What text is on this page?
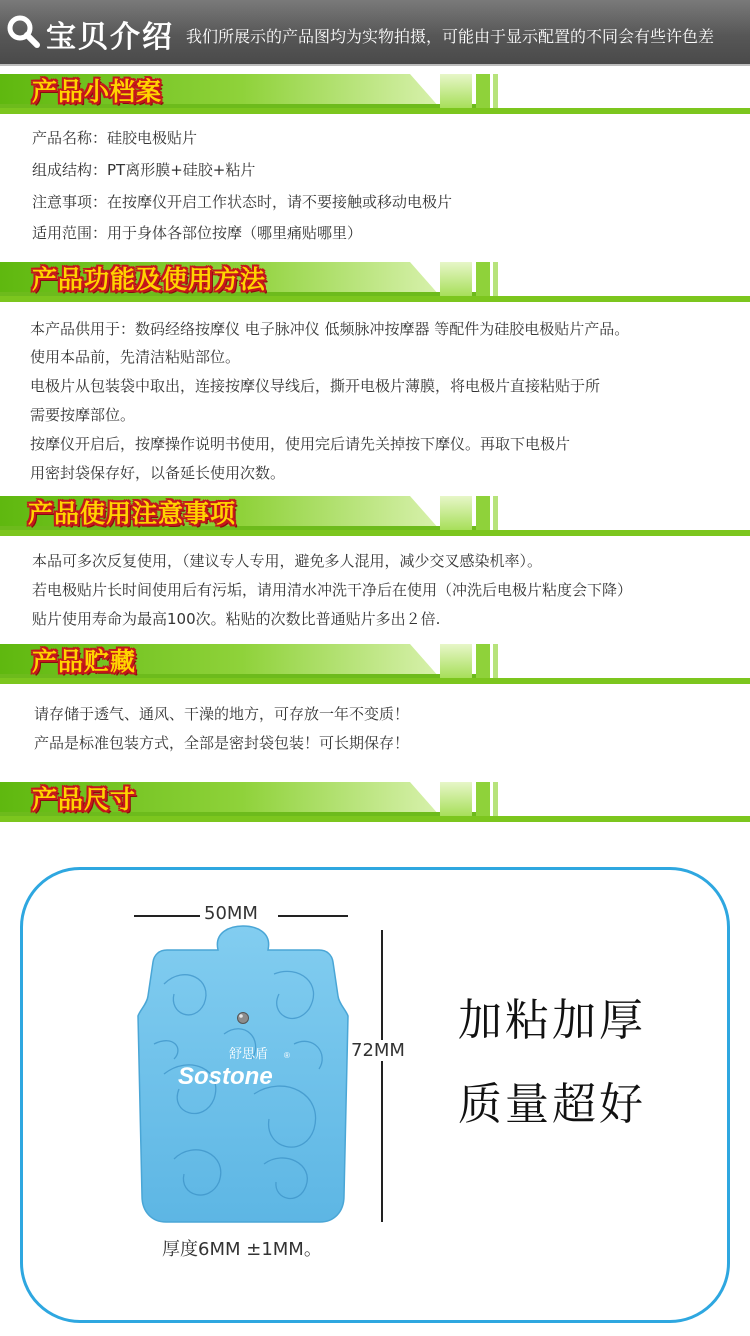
宝贝介绍 我们所展示的产品图均为实物拍摄，可能由于显示配置的不同会有些许色差
产品小档案
产品名称：硅胶电极贴片
组成结构：PT离形膜+硅胶+粘片
注意事项：在按摩仪开启工作状态时，请不要接触或移动电极片
适用范围：用于身体各部位按摩（哪里痛贴哪里）
产品功能及使用方法
本产品供用于：数码经络按摩仪 电子脉冲仪 低频脉冲按摩器 等配件为硅胶电极贴片产品。
使用本品前，先清洁粘贴部位。
电极片从包装袋中取出，连接按摩仪导线后，撕开电极片薄膜，将电极片直接粘贴于所
需要按摩部位。
按摩仪开启后，按摩操作说明书使用，使用完后请先关掉按下摩仪。再取下电极片
用密封袋保存好，以备延长使用次数。
产品使用注意事项
本品可多次反复使用，（建议专人专用，避免多人混用，减少交叉感染机率）。
若电极贴片长时间使用后有污垢，请用清水冲洗干净后在使用（冲洗后电极片粘度会下降）
贴片使用寿命为最高100次。粘贴的次数比普通贴片多出２倍.
产品贮藏
请存储于透气、通风、干澡的地方，可存放一年不变质！
产品是标准包装方式，全部是密封袋包装！可长期保存！
产品尺寸
50MM
72MM
舒思盾 ®
Sostone
厚度6MM ±1MM。
加粘加厚
质量超好
